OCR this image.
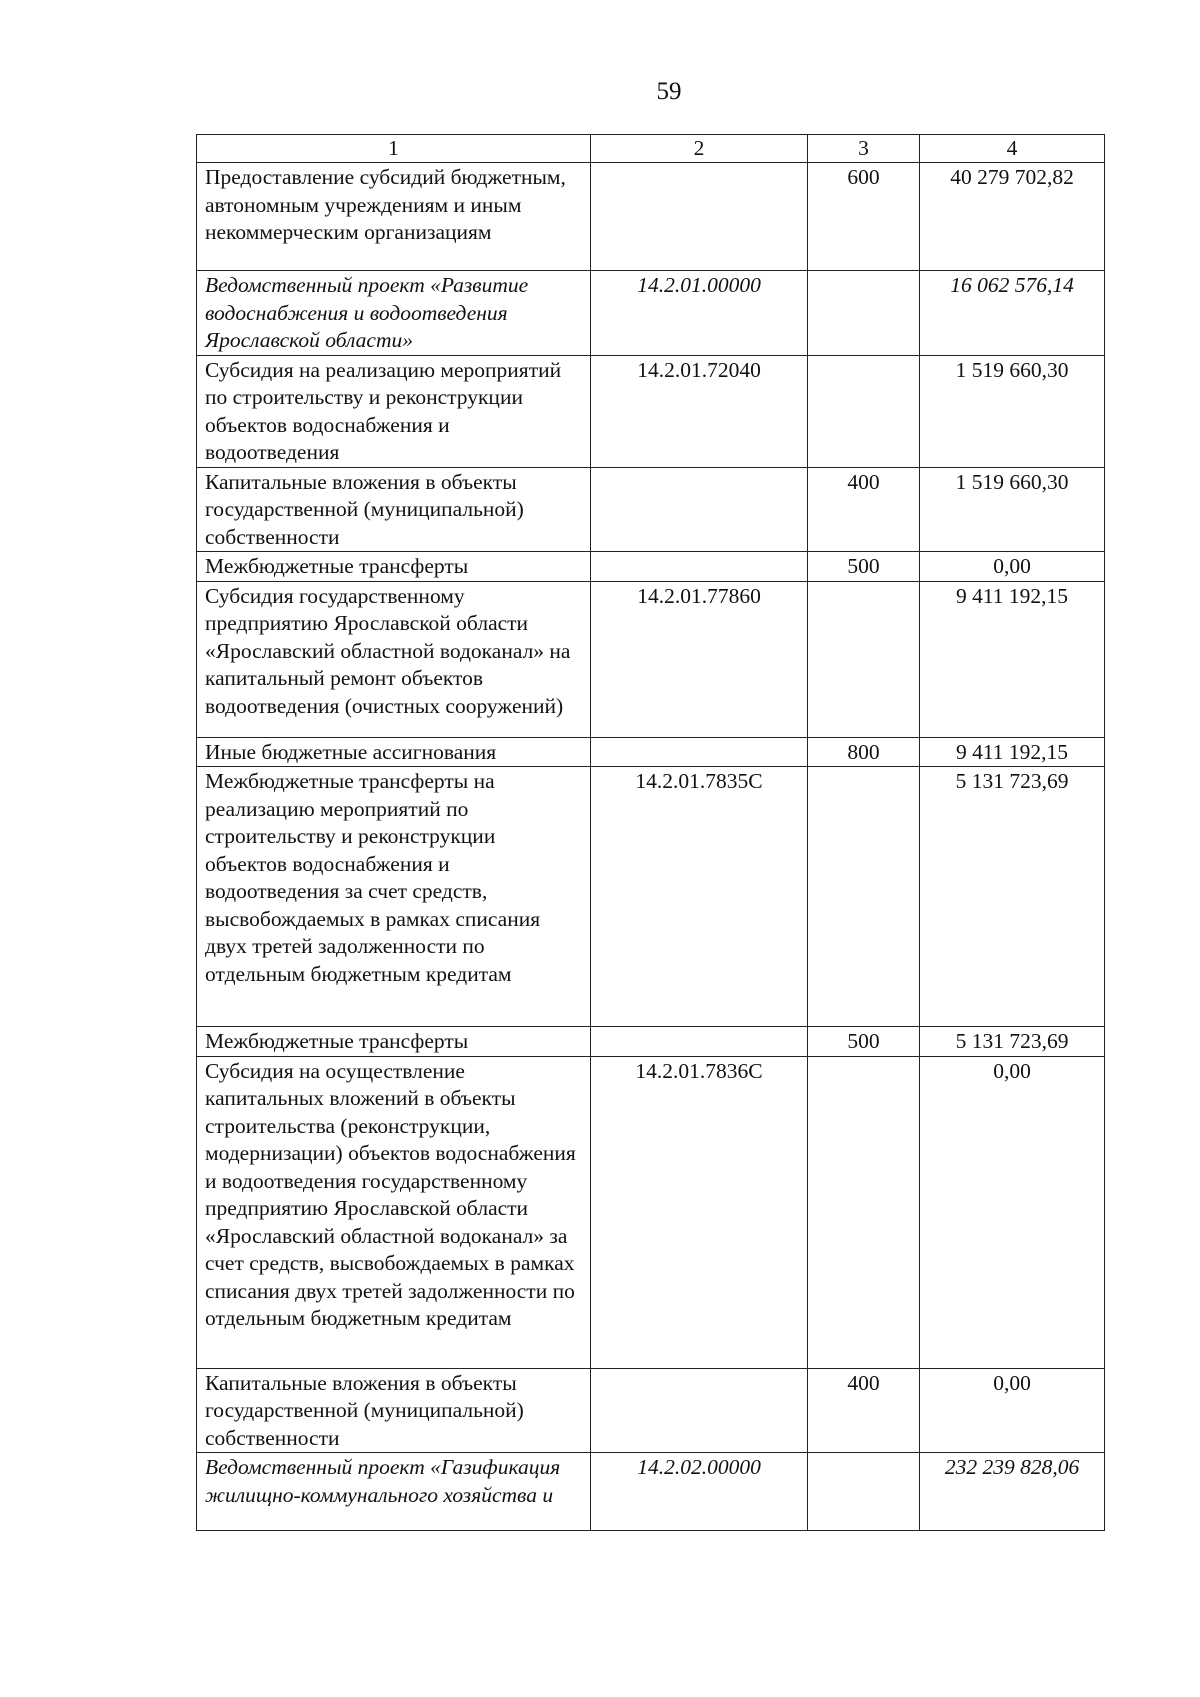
59
1	2	3	4
Предоставление субсидий бюджетным, автономным учреждениям и иным некоммерческим организациям		600	40 279 702,82
Ведомственный проект «Развитие водоснабжения и водоотведения Ярославской области»	14.2.01.00000		16 062 576,14
Субсидия на реализацию мероприятий по строительству и реконструкции объектов водоснабжения и водоотведения	14.2.01.72040		1 519 660,30
Капитальные вложения в объекты государственной (муниципальной) собственности		400	1 519 660,30
Межбюджетные трансферты		500	0,00
Субсидия государственному предприятию Ярославской области «Ярославский областной водоканал» на капитальный ремонт объектов водоотведения (очистных сооружений)	14.2.01.77860		9 411 192,15
Иные бюджетные ассигнования		800	9 411 192,15
Межбюджетные трансферты на реализацию мероприятий по строительству и реконструкции объектов водоснабжения и водоотведения за счет средств, высвобождаемых в рамках списания двух третей задолженности по отдельным бюджетным кредитам	14.2.01.7835С		5 131 723,69
Межбюджетные трансферты		500	5 131 723,69
Субсидия на осуществление капитальных вложений в объекты строительства (реконструкции, модернизации) объектов водоснабжения и водоотведения государственному предприятию Ярославской области «Ярославский областной водоканал» за счет средств, высвобождаемых в рамках списания двух третей задолженности по отдельным бюджетным кредитам	14.2.01.7836С		0,00
Капитальные вложения в объекты государственной (муниципальной) собственности		400	0,00
Ведомственный проект «Газификация жилищно-коммунального хозяйства и	14.2.02.00000		232 239 828,06
